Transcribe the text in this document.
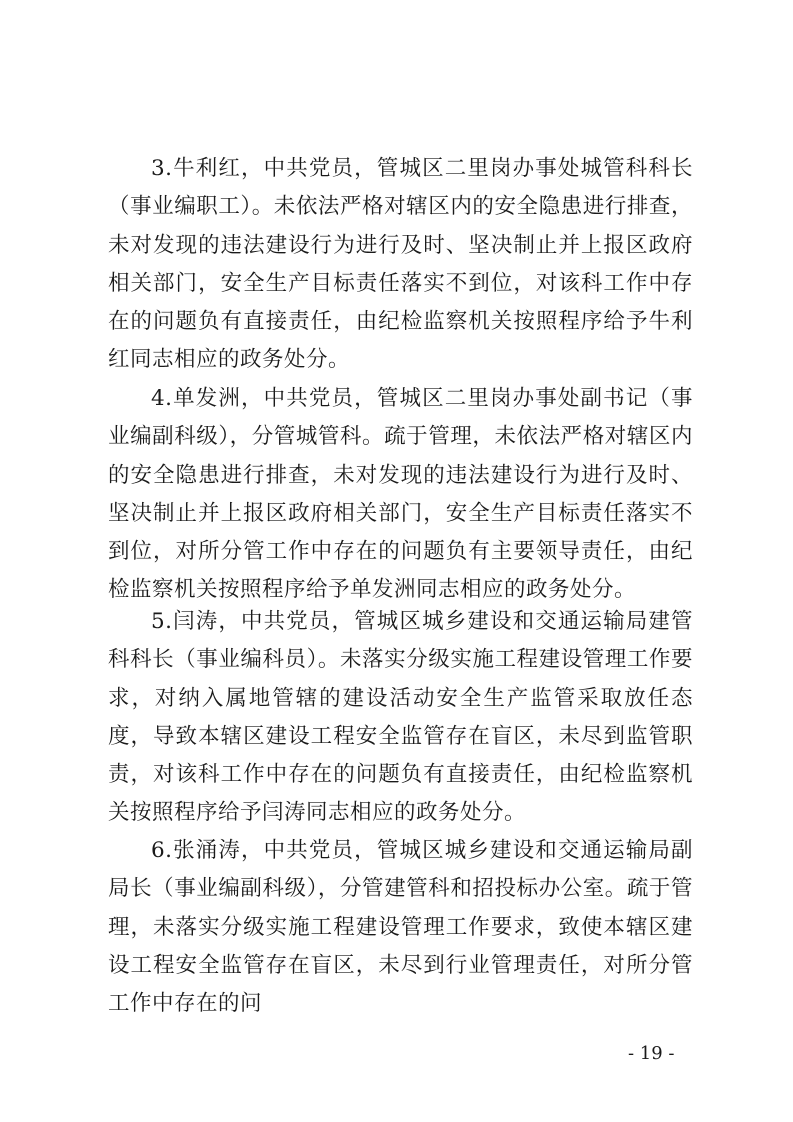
3.牛利红，中共党员，管城区二里岗办事处城管科科长（事业编职工）。未依法严格对辖区内的安全隐患进行排查，未对发现的违法建设行为进行及时、坚决制止并上报区政府相关部门，安全生产目标责任落实不到位，对该科工作中存在的问题负有直接责任，由纪检监察机关按照程序给予牛利红同志相应的政务处分。

4.单发洲，中共党员，管城区二里岗办事处副书记（事业编副科级），分管城管科。疏于管理，未依法严格对辖区内的安全隐患进行排查，未对发现的违法建设行为进行及时、坚决制止并上报区政府相关部门，安全生产目标责任落实不到位，对所分管工作中存在的问题负有主要领导责任，由纪检监察机关按照程序给予单发洲同志相应的政务处分。

5.闫涛，中共党员，管城区城乡建设和交通运输局建管科科长（事业编科员）。未落实分级实施工程建设管理工作要求，对纳入属地管辖的建设活动安全生产监管采取放任态度，导致本辖区建设工程安全监管存在盲区，未尽到监管职责，对该科工作中存在的问题负有直接责任，由纪检监察机关按照程序给予闫涛同志相应的政务处分。

6.张涌涛，中共党员，管城区城乡建设和交通运输局副局长（事业编副科级），分管建管科和招投标办公室。疏于管理，未落实分级实施工程建设管理工作要求，致使本辖区建设工程安全监管存在盲区，未尽到行业管理责任，对所分管工作中存在的问

- 19 -
